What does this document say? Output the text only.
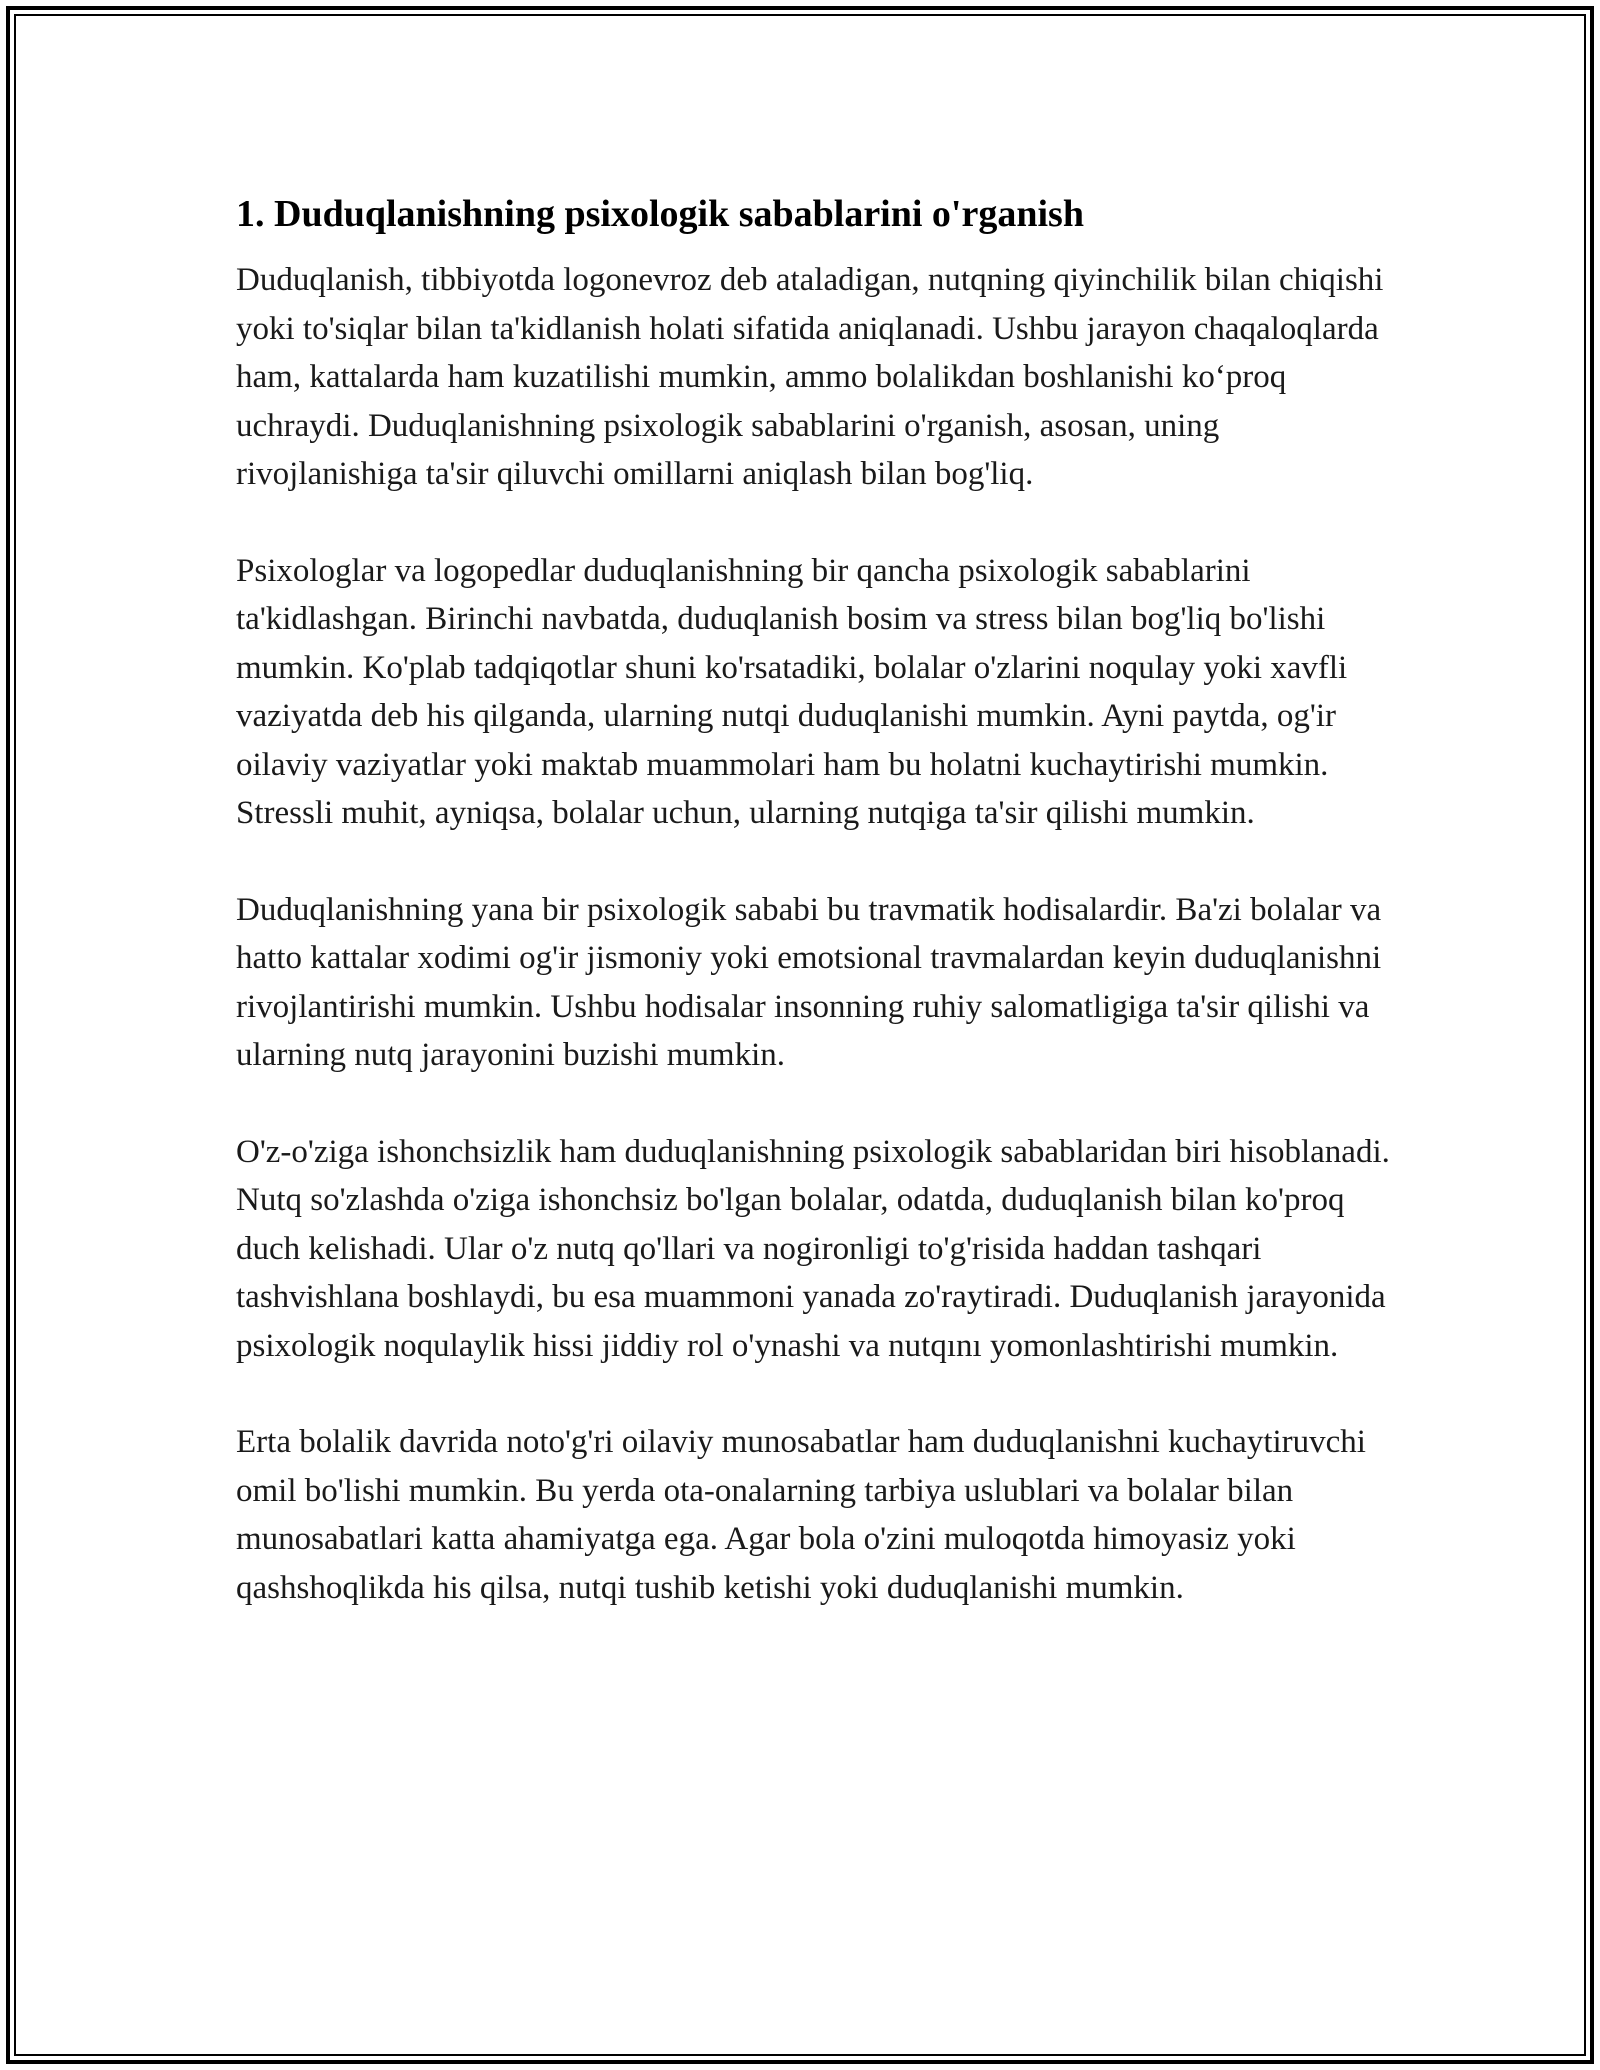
1. Duduqlanishning psixologik sabablarini o'rganish

Duduqlanish, tibbiyotda logonevroz deb ataladigan, nutqning qiyinchilik bilan chiqishi yoki to'siqlar bilan ta'kidlanish holati sifatida aniqlanadi. Ushbu jarayon chaqaloqlarda ham, kattalarda ham kuzatilishi mumkin, ammo bolalikdan boshlanishi ko‘proq uchraydi. Duduqlanishning psixologik sabablarini o'rganish, asosan, uning rivojlanishiga ta'sir qiluvchi omillarni aniqlash bilan bog'liq.

Psixologlar va logopedlar duduqlanishning bir qancha psixologik sabablarini ta'kidlashgan. Birinchi navbatda, duduqlanish bosim va stress bilan bog'liq bo'lishi mumkin. Ko'plab tadqiqotlar shuni ko'rsatadiki, bolalar o'zlarini noqulay yoki xavfli vaziyatda deb his qilganda, ularning nutqi duduqlanishi mumkin. Ayni paytda, og'ir oilaviy vaziyatlar yoki maktab muammolari ham bu holatni kuchaytirishi mumkin. Stressli muhit, ayniqsa, bolalar uchun, ularning nutqiga ta'sir qilishi mumkin.

Duduqlanishning yana bir psixologik sababi bu travmatik hodisalardir. Ba'zi bolalar va hatto kattalar xodimi og'ir jismoniy yoki emotsional travmalardan keyin duduqlanishni rivojlantirishi mumkin. Ushbu hodisalar insonning ruhiy salomatligiga ta'sir qilishi va ularning nutq jarayonini buzishi mumkin.

O'z-o'ziga ishonchsizlik ham duduqlanishning psixologik sabablaridan biri hisoblanadi. Nutq so'zlashda o'ziga ishonchsiz bo'lgan bolalar, odatda, duduqlanish bilan ko'proq duch kelishadi. Ular o'z nutq qo'llari va nogironligi to'g'risida haddan tashqari tashvishlana boshlaydi, bu esa muammoni yanada zo'raytiradi. Duduqlanish jarayonida psixologik noqulaylik hissi jiddiy rol o'ynashi va nutqını yomonlashtirishi mumkin.

Erta bolalik davrida noto'g'ri oilaviy munosabatlar ham duduqlanishni kuchaytiruvchi omil bo'lishi mumkin. Bu yerda ota-onalarning tarbiya uslublari va bolalar bilan munosabatlari katta ahamiyatga ega. Agar bola o'zini muloqotda himoyasiz yoki qashshoqlikda his qilsa, nutqi tushib ketishi yoki duduqlanishi mumkin.
